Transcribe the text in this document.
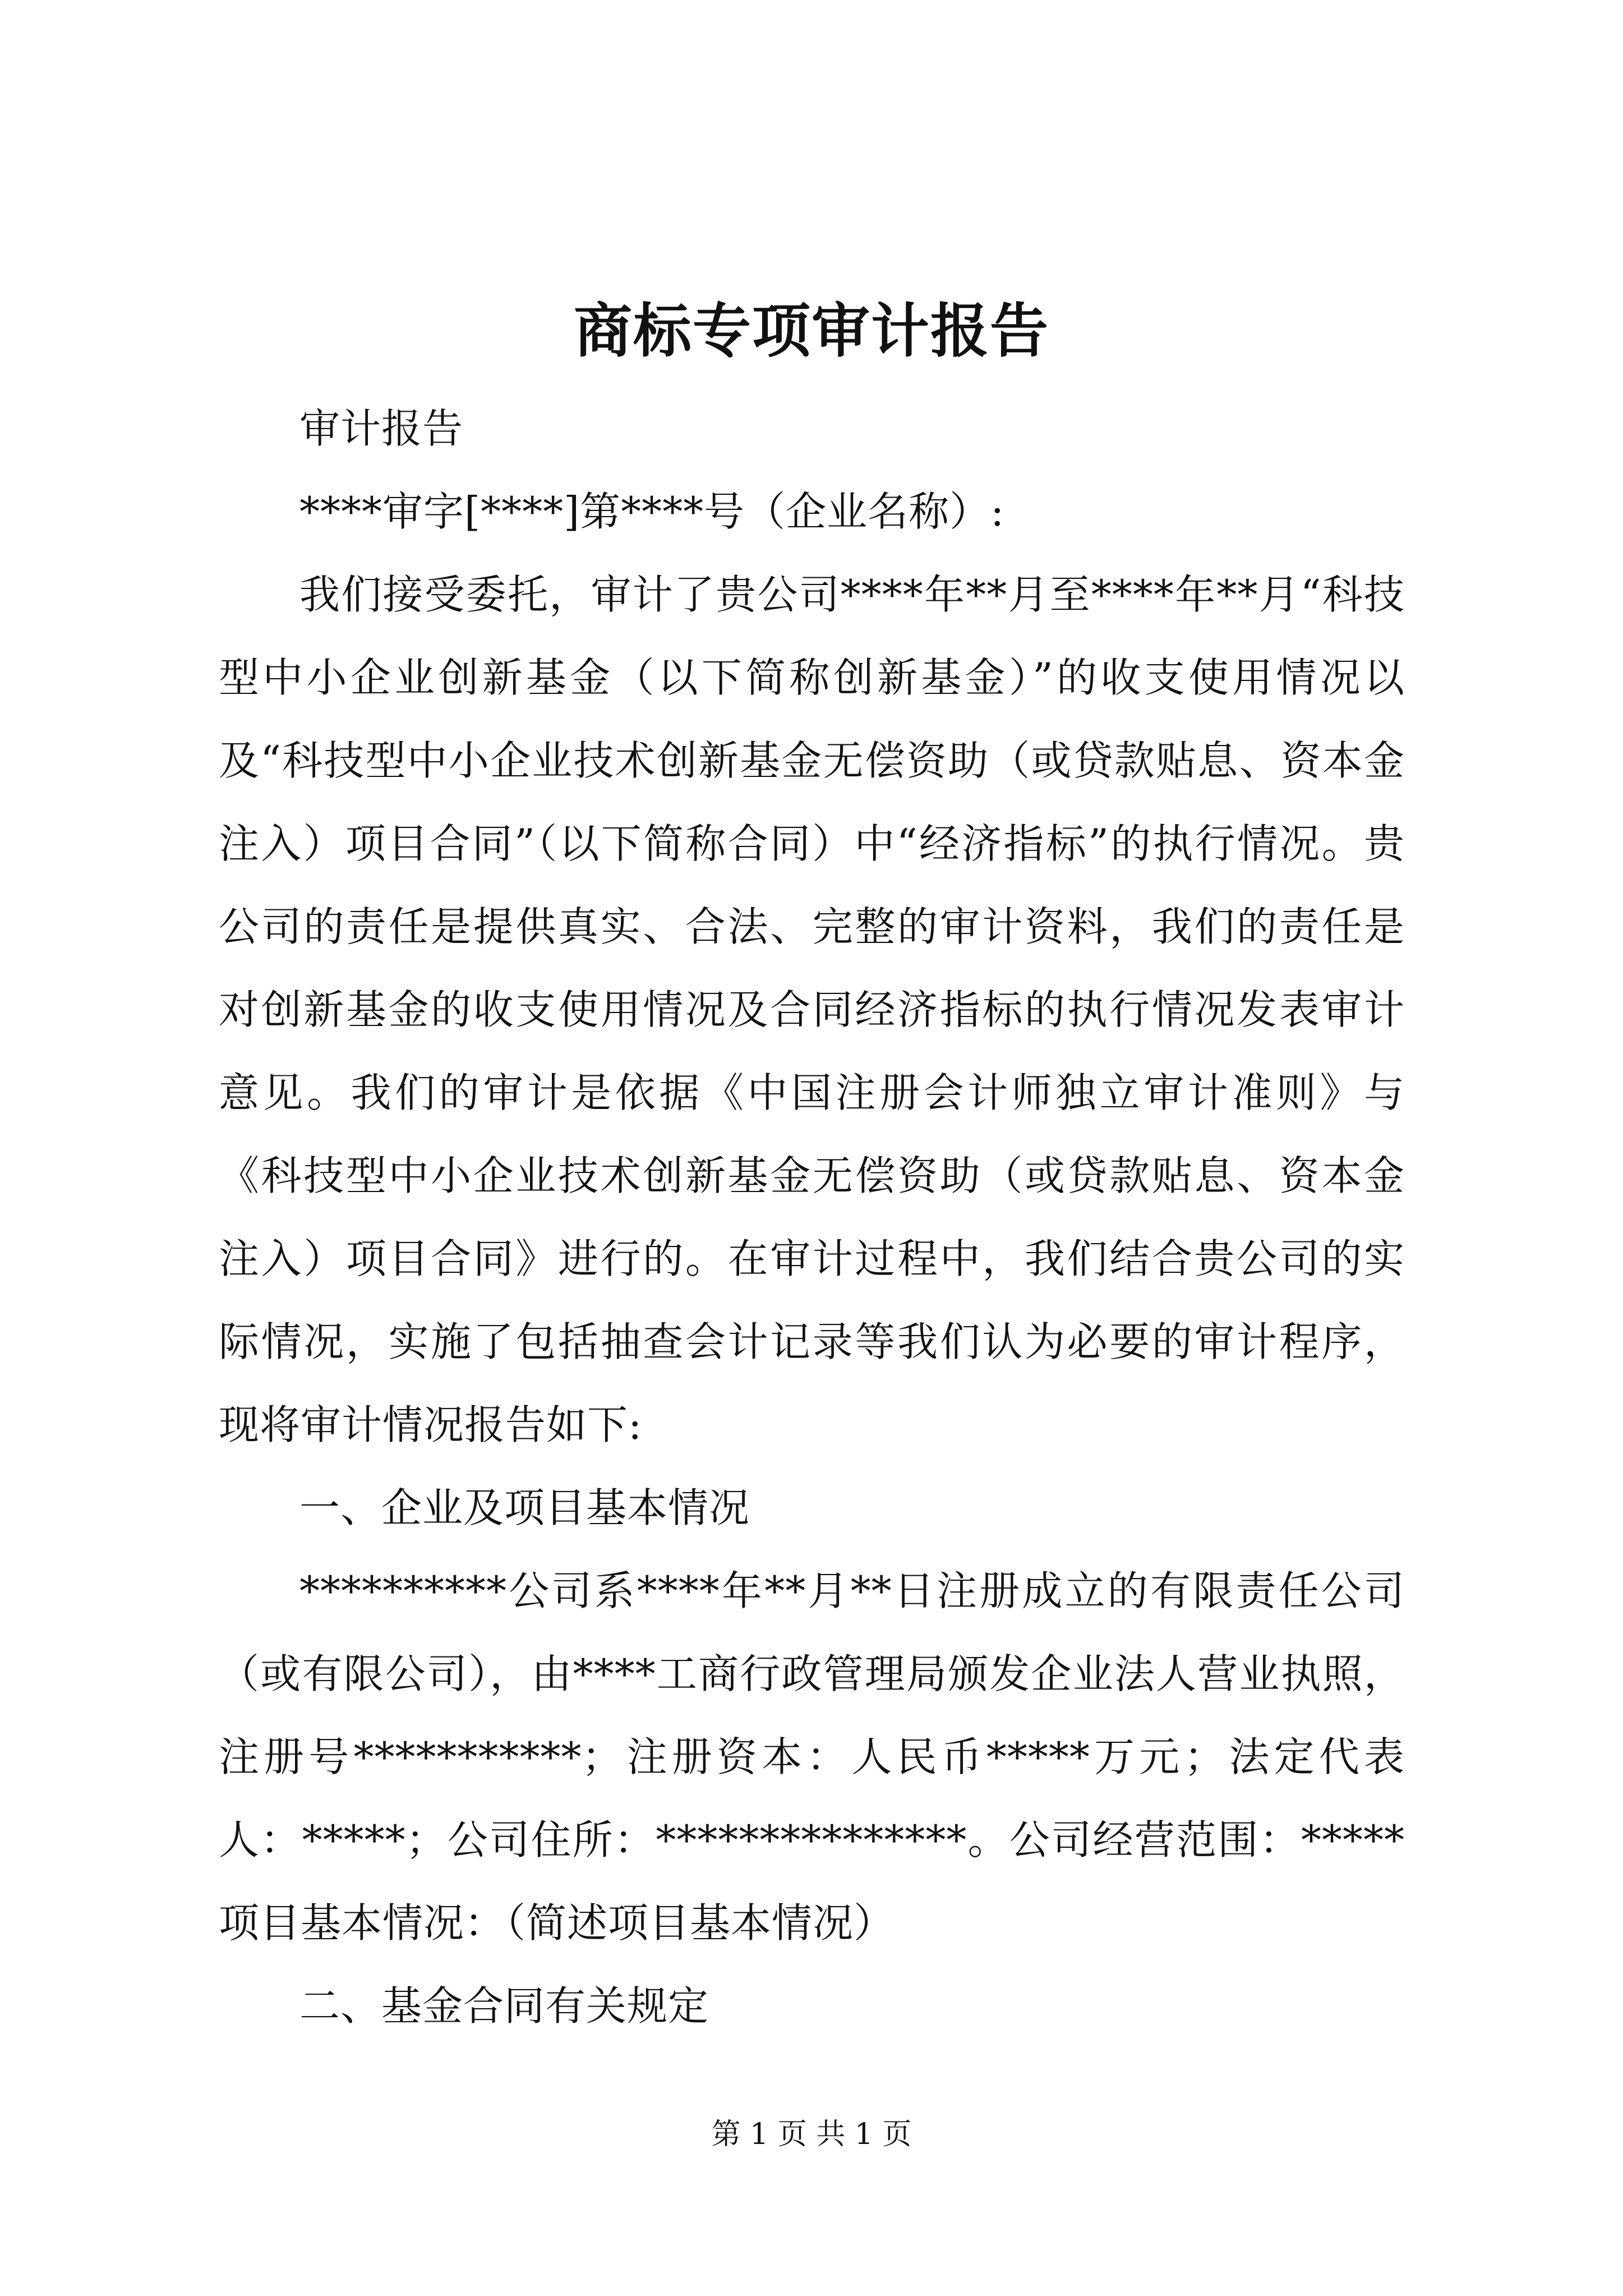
商标专项审计报告

审计报告

****审字[****]第****号（企业名称）:

我们接受委托，审计了贵公司****年**月至****年**月“科技型中小企业创新基金（以下简称创新基金）”的收支使用情况以及“科技型中小企业技术创新基金无偿资助（或贷款贴息、资本金注入）项目合同”（以下简称合同）中“经济指标”的执行情况。贵公司的责任是提供真实、合法、完整的审计资料，我们的责任是对创新基金的收支使用情况及合同经济指标的执行情况发表审计意见。我们的审计是依据《中国注册会计师独立审计准则》与《科技型中小企业技术创新基金无偿资助（或贷款贴息、资本金注入）项目合同》进行的。在审计过程中，我们结合贵公司的实际情况，实施了包括抽查会计记录等我们认为必要的审计程序，现将审计情况报告如下:

一、企业及项目基本情况

**********公司系****年**月**日注册成立的有限责任公司（或有限公司），由****工商行政管理局颁发企业法人营业执照，注册号***********；注册资本：人民币*****万元；法定代表人：*****；公司住所：***************。公司经营范围：*****项目基本情况：（简述项目基本情况）

二、基金合同有关规定

第 1 页 共 1 页
